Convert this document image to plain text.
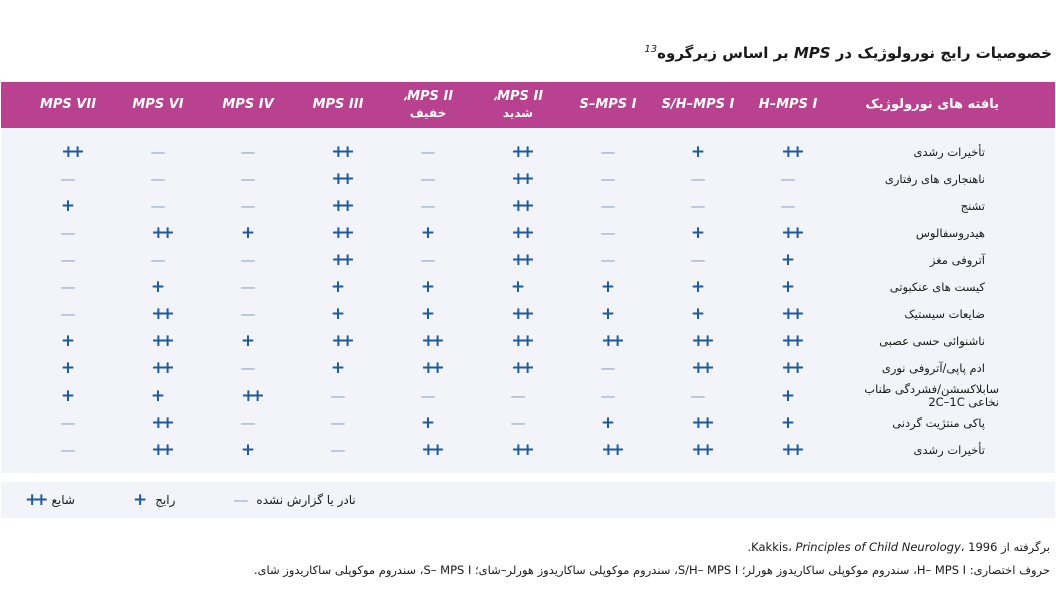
خصوصیات رایج نورولوژیک در MPS بر اساس زیرگروه$^{13}$
یافته های نورولوژیک
H–MPS I
S/H–MPS I
S–MPS I
MPS II،
شدید
MPS II،
خفیف
MPS III
MPS IV
MPS VI
MPS VII
تأخیرات رشدی
++
+
—
++
—
++
—
—
++
ناهنجاری های رفتاری
—
—
—
++
—
++
—
—
—
تشنج
—
—
—
++
—
++
—
—
+
هیدروسفالوس
++
+
—
++
+
++
+
++
—
آتروفی مغز
+
—
—
++
—
++
—
—
—
کیست های عنکبوتی
+
+
+
+
+
+
—
+
—
ضایعات سیستیک
++
+
+
++
+
+
—
++
—
ناشنوائی حسی عصبی
++
++
++
++
++
++
+
++
+
ادم پاپی/آتروفی نوری
++
++
—
++
++
+
—
++
+
سابلاکسشن/فشردگی طناب نخاعی 2C–1C
+
—
—
—
—
—
++
+
+
پاکی منتژیت گردنی
+
++
+
—
+
—
—
++
—
تأخیرات رشدی
++
++
++
++
++
—
+
++
—
نادر یا گزارش نشده
—
رایج
+
شایع
++
برگرفته از Kakkis، Principles of Child Neurology، 1996.
حروف اختصاری: H– MPS I، سندروم موکوپلی ساکاریدوز هورلر؛ S/H– MPS I، سندروم موکوپلی ساکاریدوز هورلر–شای؛ S– MPS I، سندروم موکوپلی ساکاریدوز شای.
